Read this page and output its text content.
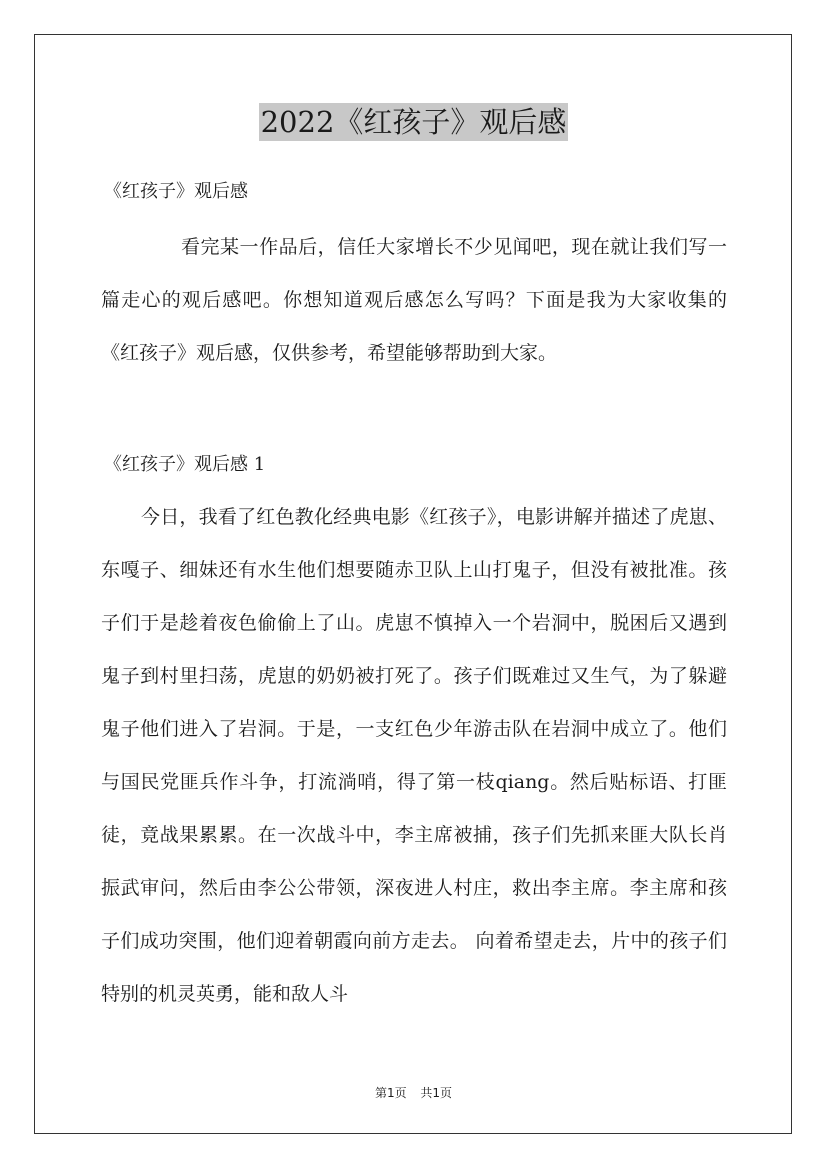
2022《红孩子》观后感
《红孩子》观后感
看完某一作品后，信任大家增长不少见闻吧，现在就让我们写一篇走心的观后感吧。你想知道观后感怎么写吗？下面是我为大家收集的《红孩子》观后感，仅供参考，希望能够帮助到大家。
《红孩子》观后感 1
今日，我看了红色教化经典电影《红孩子》，电影讲解并描述了虎崽、东嘎子、细妹还有水生他们想要随赤卫队上山打鬼子，但没有被批准。孩子们于是趁着夜色偷偷上了山。虎崽不慎掉入一个岩洞中，脱困后又遇到鬼子到村里扫荡，虎崽的奶奶被打死了。孩子们既难过又生气，为了躲避鬼子他们进入了岩洞。于是，一支红色少年游击队在岩洞中成立了。他们与国民党匪兵作斗争，打流淌哨，得了第一枝qiang。然后贴标语、打匪徒，竟战果累累。在一次战斗中，李主席被捕，孩子们先抓来匪大队长肖振武审问，然后由李公公带领，深夜进人村庄，救出李主席。李主席和孩子们成功突围，他们迎着朝霞向前方走去。 向着希望走去，片中的孩子们特别的机灵英勇，能和敌人斗
第1页 共1页
